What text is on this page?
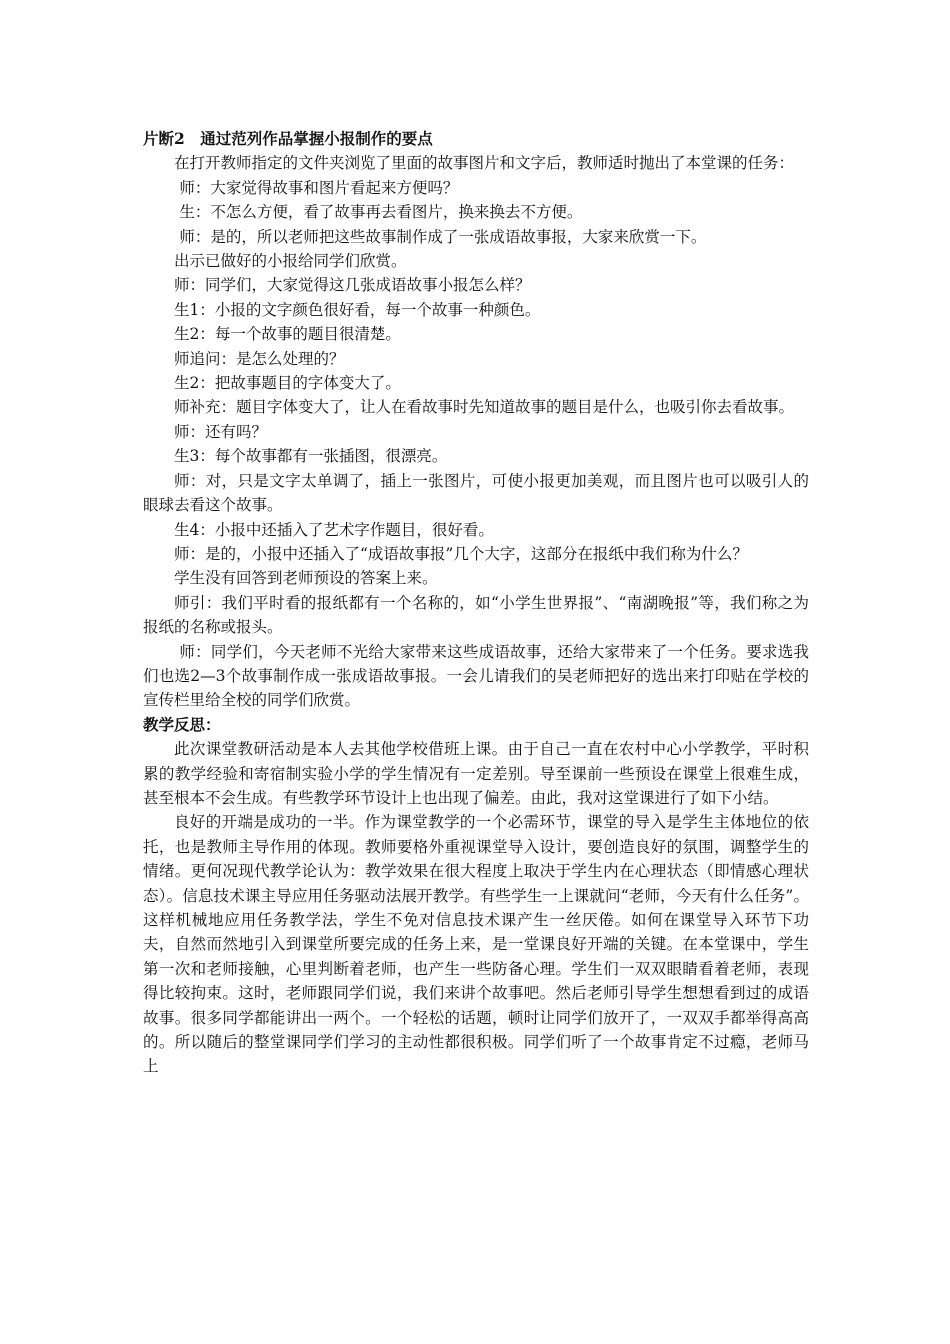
片断2　通过范列作品掌握小报制作的要点

在打开教师指定的文件夹浏览了里面的故事图片和文字后，教师适时抛出了本堂课的任务：

师：大家觉得故事和图片看起来方便吗？

生：不怎么方便，看了故事再去看图片，换来换去不方便。

师：是的，所以老师把这些故事制作成了一张成语故事报，大家来欣赏一下。

出示已做好的小报给同学们欣赏。

师：同学们，大家觉得这几张成语故事小报怎么样？

生1：小报的文字颜色很好看，每一个故事一种颜色。

生2：每一个故事的题目很清楚。

师追问：是怎么处理的？

生2：把故事题目的字体变大了。

师补充：题目字体变大了，让人在看故事时先知道故事的题目是什么，也吸引你去看故事。

师：还有吗？

生3：每个故事都有一张插图，很漂亮。

师：对，只是文字太单调了，插上一张图片，可使小报更加美观，而且图片也可以吸引人的眼球去看这个故事。

生4：小报中还插入了艺术字作题目，很好看。

师：是的，小报中还插入了“成语故事报”几个大字，这部分在报纸中我们称为什么？

学生没有回答到老师预设的答案上来。

师引：我们平时看的报纸都有一个名称的，如“小学生世界报”、“南湖晚报”等，我们称之为报纸的名称或报头。

师：同学们，今天老师不光给大家带来这些成语故事，还给大家带来了一个任务。要求选我们也选2—3个故事制作成一张成语故事报。一会儿请我们的吴老师把好的选出来打印贴在学校的宣传栏里给全校的同学们欣赏。

教学反思：

此次课堂教研活动是本人去其他学校借班上课。由于自己一直在农村中心小学教学，平时积累的教学经验和寄宿制实验小学的学生情况有一定差别。导至课前一些预设在课堂上很难生成，甚至根本不会生成。有些教学环节设计上也出现了偏差。由此，我对这堂课进行了如下小结。

良好的开端是成功的一半。作为课堂教学的一个必需环节，课堂的导入是学生主体地位的依托，也是教师主导作用的体现。教师要格外重视课堂导入设计，要创造良好的氛围，调整学生的情绪。更何况现代教学论认为：教学效果在很大程度上取决于学生内在心理状态（即情感心理状态）。信息技术课主导应用任务驱动法展开教学。有些学生一上课就问“老师，今天有什么任务”。这样机械地应用任务教学法，学生不免对信息技术课产生一丝厌倦。如何在课堂导入环节下功夫，自然而然地引入到课堂所要完成的任务上来，是一堂课良好开端的关键。在本堂课中，学生第一次和老师接触，心里判断着老师，也产生一些防备心理。学生们一双双眼睛看着老师，表现得比较拘束。这时，老师跟同学们说，我们来讲个故事吧。然后老师引导学生想想看到过的成语故事。很多同学都能讲出一两个。一个轻松的话题，顿时让同学们放开了，一双双手都举得高高的。所以随后的整堂课同学们学习的主动性都很积极。同学们听了一个故事肯定不过瘾，老师马上
